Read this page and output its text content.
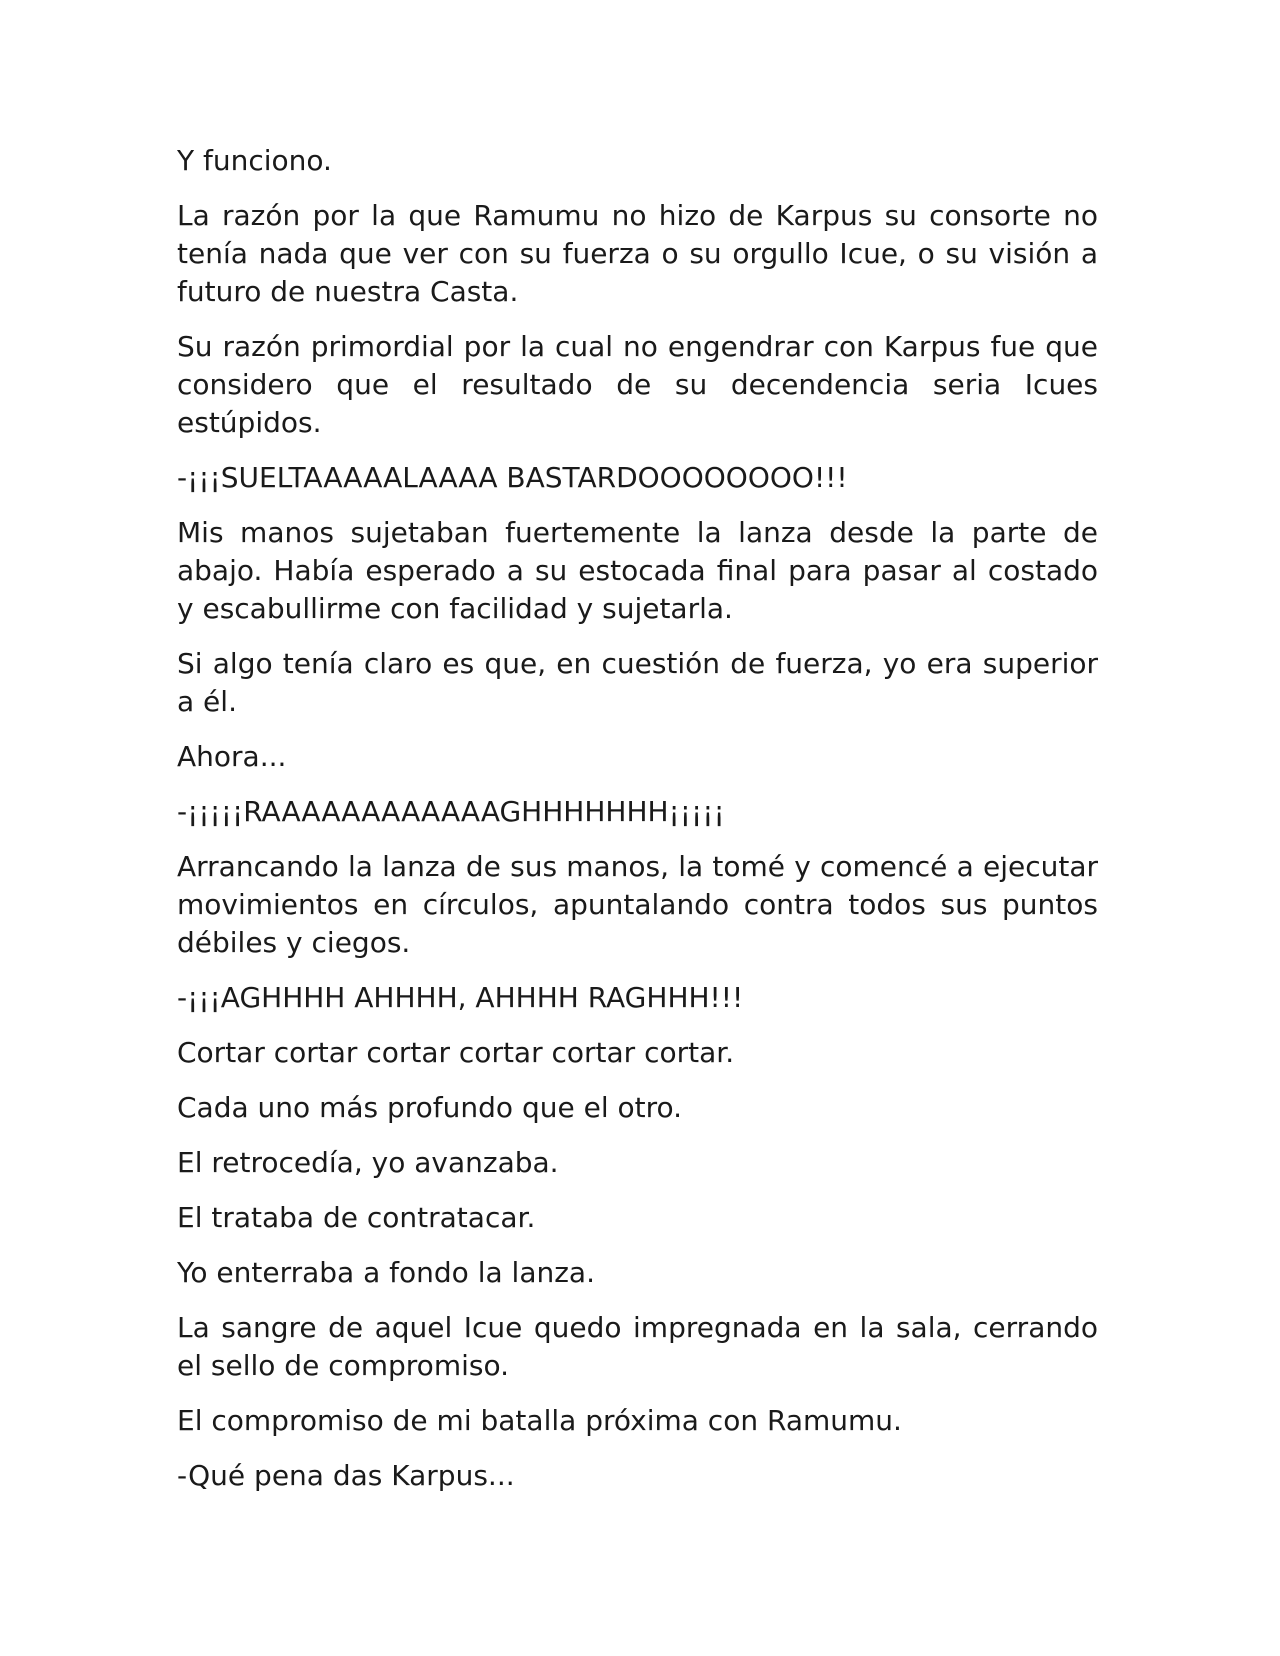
Y funciono.

La razón por la que Ramumu no hizo de Karpus su consorte no tenía nada que ver con su fuerza o su orgullo Icue, o su visión a futuro de nuestra Casta.

Su razón primordial por la cual no engendrar con Karpus fue que considero que el resultado de su decendencia seria Icues estúpidos.

-¡¡¡SUELTAAAAALAAAA BASTARDOOOOOOOO!!!

Mis manos sujetaban fuertemente la lanza desde la parte de abajo. Había esperado a su estocada final para pasar al costado y escabullirme con facilidad y sujetarla.

Si algo tenía claro es que, en cuestión de fuerza, yo era superior a él.

Ahora...

-¡¡¡¡¡RAAAAAAAAAAAAGHHHHHHH¡¡¡¡¡

Arrancando la lanza de sus manos, la tomé y comencé a ejecutar movimientos en círculos, apuntalando contra todos sus puntos débiles y ciegos.

-¡¡¡AGHHHH AHHHH, AHHHH RAGHHH!!!

Cortar cortar cortar cortar cortar cortar.

Cada uno más profundo que el otro.

El retrocedía, yo avanzaba.

El trataba de contratacar.

Yo enterraba a fondo la lanza.

La sangre de aquel Icue quedo impregnada en la sala, cerrando el sello de compromiso.

El compromiso de mi batalla próxima con Ramumu.

-Qué pena das Karpus...
